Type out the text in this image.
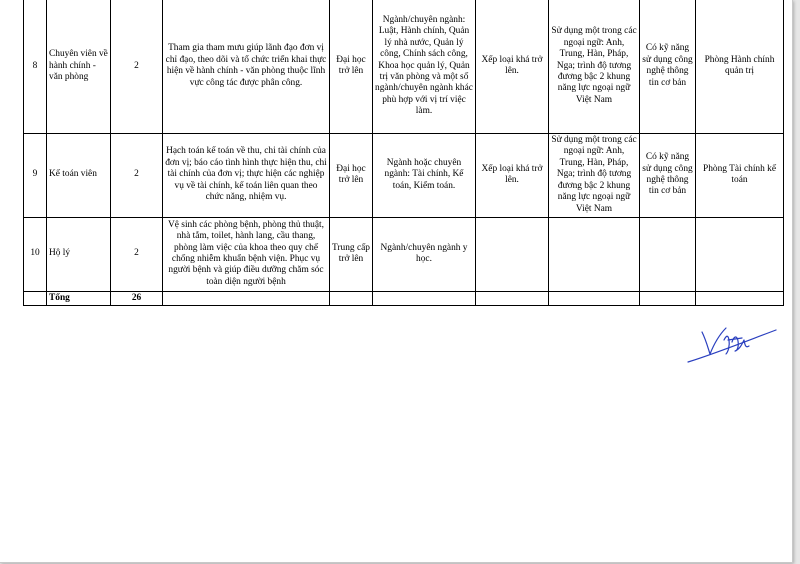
8	Chuyên viên về hành chính - văn phòng	2	Tham gia tham mưu giúp lãnh đạo đơn vị chỉ đạo, theo dõi và tổ chức triển khai thực hiện về hành chính - văn phòng thuộc lĩnh vực công tác được phân công.	Đại học trở lên	Ngành/chuyên ngành: Luật, Hành chính, Quản lý nhà nước, Quản lý công, Chính sách công, Khoa học quản lý, Quản trị văn phòng và một số ngành/chuyên ngành khác phù hợp với vị trí việc làm.	Xếp loại khá trở lên.	Sử dụng một trong các ngoại ngữ: Anh, Trung, Hàn, Pháp, Nga; trình độ tương đương bậc 2 khung năng lực ngoại ngữ Việt Nam	Có kỹ năng sử dụng công nghệ thông tin cơ bản	Phòng Hành chính quản trị
9	Kế toán viên	2	Hạch toán kế toán về thu, chi tài chính của đơn vị; báo cáo tình hình thực hiện thu, chi tài chính của đơn vị; thực hiện các nghiệp vụ về tài chính, kế toán liên quan theo chức năng, nhiệm vụ.	Đại học trở lên	Ngành hoặc chuyên ngành: Tài chính, Kế toán, Kiểm toán.	Xếp loại khá trở lên.	Sử dụng một trong các ngoại ngữ: Anh, Trung, Hàn, Pháp, Nga; trình độ tương đương bậc 2 khung năng lực ngoại ngữ Việt Nam	Có kỹ năng sử dụng công nghệ thông tin cơ bản	Phòng Tài chính kế toán
10	Hộ lý	2	Vệ sinh các phòng bệnh, phòng thủ thuật, nhà tắm, toilet, hành lang, cầu thang, phòng làm việc của khoa theo quy chế chống nhiễm khuẩn bệnh viện. Phục vụ người bệnh và giúp điều dưỡng chăm sóc toàn diện người bệnh	Trung cấp trở lên	Ngành/chuyên ngành y học.				
	Tổng	26							
